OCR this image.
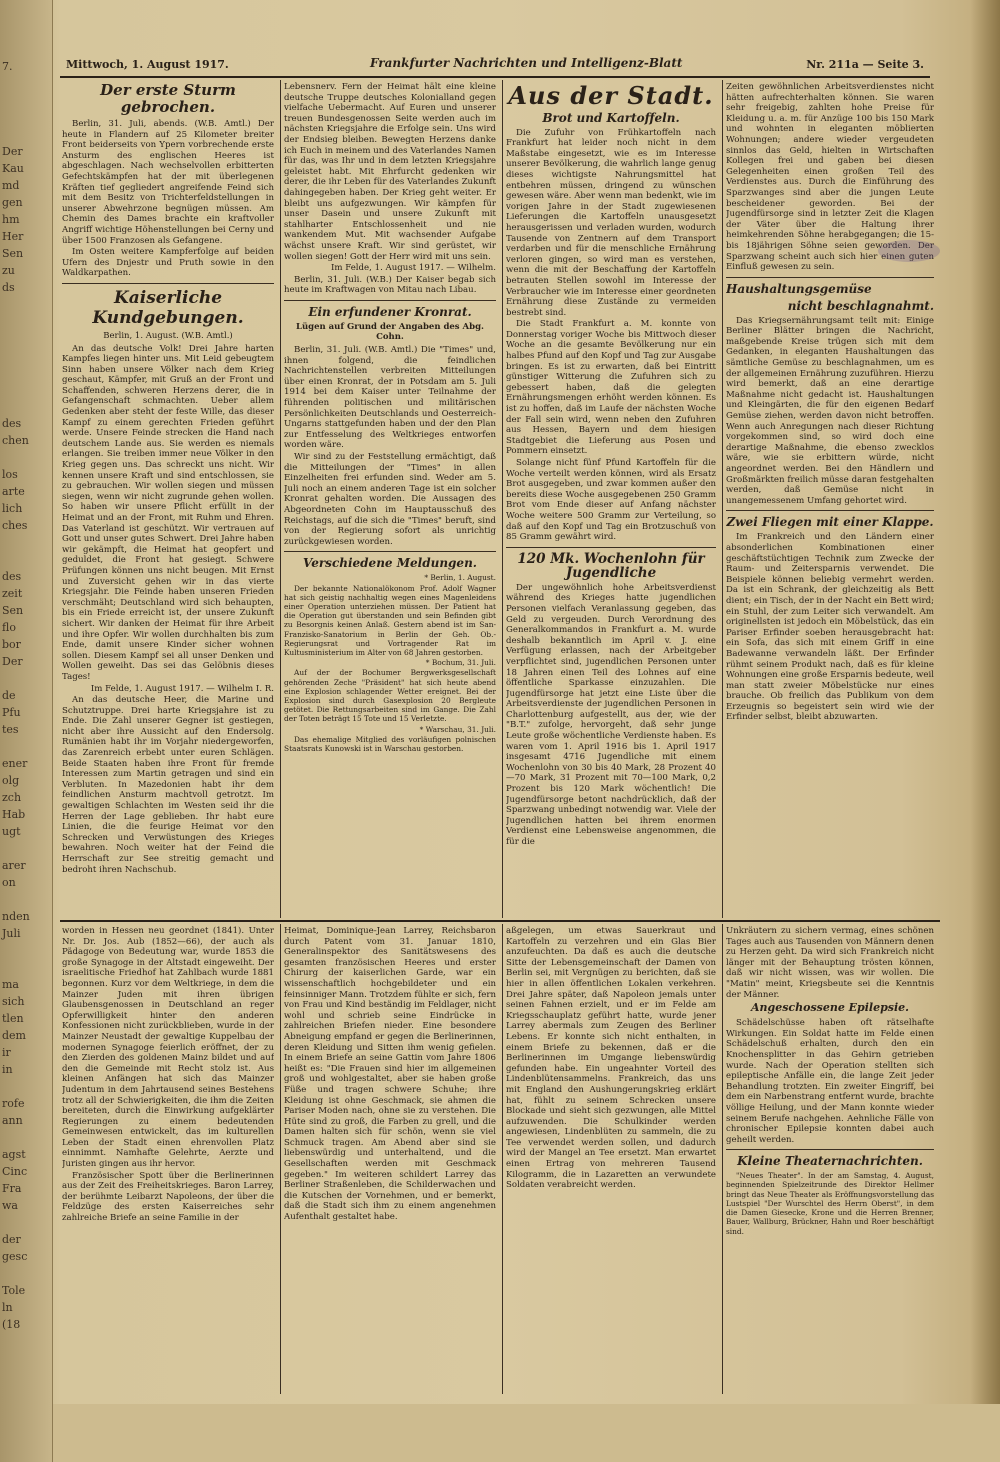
7.

Der
Kau
md
gen
hm
Her
Sen
zu
ds

des
chen

los
arte
lich
ches

des
zeit
Sen
flo
bor
Der

de
Pfu
tes

ener
olg
zch
Hab
ugt

arer
on

nden
Juli

ma
sich
tlen
dem
ir
in

rofe
ann

agst
Cinc
Fra
wa

der
gesc

Tole
ln
(18
Mittwoch, 1. August 1917.	Frankfurter Nachrichten und Intelligenz-Blatt	Nr. 211a — Seite 3.
Der erste Sturm gebrochen.

Berlin, 31. Juli, abends. (W.B. Amtl.) Der heute in Flandern auf 25 Kilometer breiter Front beiderseits von Ypern vorbrechende erste Ansturm des englischen Heeres ist abgeschlagen. Nach wechselvollen erbitterten Gefechtskämpfen hat der mit überlegenen Kräften tief gegliedert angreifende Feind sich mit dem Besitz von Trichterfeldstellungen in unserer Abwehrzone begnügen müssen. Am Chemin des Dames brachte ein kraftvoller Angriff wichtige Höhenstellungen bei Cerny und über 1500 Franzosen als Gefangene.

Im Osten weitere Kampferfolge auf beiden Ufern des Dnjestr und Pruth sowie in den Waldkarpathen.

Kaiserliche Kundgebungen.
Berlin, 1. August. (W.B. Amtl.)

An das deutsche Volk! Drei Jahre harten Kampfes liegen hinter uns. Mit Leid gebeugtem Sinn haben unsere Völker nach dem Krieg geschaut, Kämpfer, mit Gruß an der Front und Schaffenden, schweren Herzens derer, die in Gefangenschaft schmachten. Ueber allem Gedenken aber steht der feste Wille, das dieser Kampf zu einem gerechten Frieden geführt werde. Unsere Feinde strecken die Hand nach deutschem Lande aus. Sie werden es niemals erlangen. Sie treiben immer neue Völker in den Krieg gegen uns. Das schreckt uns nicht. Wir kennen unsere Kraft und sind entschlossen, sie zu gebrauchen. Wir wollen siegen und müssen siegen, wenn wir nicht zugrunde gehen wollen. So haben wir unsere Pflicht erfüllt in der Heimat und an der Front, mit Ruhm und Ehren. Das Vaterland ist geschützt. Wir vertrauen auf Gott und unser gutes Schwert. Drei Jahre haben wir gekämpft, die Heimat hat geopfert und geduldet, die Front hat gesiegt. Schwere Prüfungen können uns nicht beugen. Mit Ernst und Zuversicht gehen wir in das vierte Kriegsjahr. Die Feinde haben unseren Frieden verschmäht; Deutschland wird sich behaupten, bis ein Friede erreicht ist, der unsere Zukunft sichert. Wir danken der Heimat für ihre Arbeit und ihre Opfer. Wir wollen durchhalten bis zum Ende, damit unsere Kinder sicher wohnen sollen. Diesem Kampf sei all unser Denken und Wollen geweiht. Das sei das Gelöbnis dieses Tages!

Im Felde, 1. August 1917. — Wilhelm I. R.

An das deutsche Heer, die Marine und Schutztruppe. Drei harte Kriegsjahre ist zu Ende. Die Zahl unserer Gegner ist gestiegen, nicht aber ihre Aussicht auf den Endersolg. Rumänien habt ihr im Vorjahr niedergeworfen, das Zarenreich erbebt unter euren Schlägen. Beide Staaten haben ihre Front für fremde Interessen zum Martin getragen und sind ein Verbluten. In Mazedonien habt ihr dem feindlichen Ansturm machtvoll getrotzt. Im gewaltigen Schlachten im Westen seid ihr die Herren der Lage geblieben. Ihr habt eure Linien, die die feurige Heimat vor den Schrecken und Verwüstungen des Krieges bewahren. Noch weiter hat der Feind die Herrschaft zur See streitig gemacht und bedroht ihren Nachschub.

Lebensnerv. Fern der Heimat hält eine kleine deutsche Truppe deutsches Kolonialland gegen vielfache Uebermacht. Auf Euren und unserer treuen Bundesgenossen Seite werden auch im nächsten Kriegsjahre die Erfolge sein. Uns wird der Endsieg bleiben. Bewegten Herzens danke ich Euch in meinem und des Vaterlandes Namen für das, was Ihr und in dem letzten Kriegsjahre geleistet habt. Mit Ehrfurcht gedenken wir derer, die ihr Leben für des Vaterlandes Zukunft dahingegeben haben. Der Krieg geht weiter. Er bleibt uns aufgezwungen. Wir kämpfen für unser Dasein und unsere Zukunft mit stahlharter Entschlossenheit und nie wankendem Mut. Mit wachsender Aufgabe wächst unsere Kraft. Wir sind gerüstet, wir wollen siegen! Gott der Herr wird mit uns sein.

Im Felde, 1. August 1917. — Wilhelm.

Berlin, 31. Juli. (W.B.) Der Kaiser begab sich heute im Kraftwagen von Mitau nach Libau.

Ein erfundener Kronrat.
Lügen auf Grund der Angaben des Abg. Cohn.

Berlin, 31. Juli. (W.B. Amtl.) Die "Times" und, ihnen folgend, die feindlichen Nachrichtenstellen verbreiten Mitteilungen über einen Kronrat, der in Potsdam am 5. Juli 1914 bei dem Kaiser unter Teilnahme der führenden politischen und militärischen Persönlichkeiten Deutschlands und Oesterreich-Ungarns stattgefunden haben und der den Plan zur Entfesselung des Weltkrieges entworfen worden wäre.

Wir sind zu der Feststellung ermächtigt, daß die Mitteilungen der "Times" in allen Einzelheiten frei erfunden sind. Weder am 5. Juli noch an einem anderen Tage ist ein solcher Kronrat gehalten worden. Die Aussagen des Abgeordneten Cohn im Hauptausschuß des Reichstags, auf die sich die "Times" beruft, sind von der Regierung sofort als unrichtig zurückgewiesen worden.

Verschiedene Meldungen.
* Berlin, 1. August.

Der bekannte Nationalökonom Prof. Adolf Wagner hat sich geistig nachhaltig wegen eines Magenleidens einer Operation unterziehen müssen. Der Patient hat die Operation gut überstanden und sein Befinden gibt zu Besorgnis keinen Anlaß. Gestern abend ist im San-Franzisko-Sanatorium in Berlin der Geh. Ob.-Regierungsrat und Vortragender Rat im Kultusministerium im Alter von 68 Jahren gestorben.

* Bochum, 31. Juli.

Auf der der Bochumer Bergwerksgesellschaft gehörenden Zeche "Präsident" hat sich heute abend eine Explosion schlagender Wetter ereignet. Bei der Explosion sind durch Gasexplosion 20 Bergleute getötet. Die Rettungsarbeiten sind im Gange. Die Zahl der Toten beträgt 15 Tote und 15 Verletzte.

* Warschau, 31. Juli.

Das ehemalige Mitglied des vorläufigen polnischen Staatsrats Kunowski ist in Warschau gestorben.

Aus der Stadt.
Brot und Kartoffeln.

Die Zufuhr von Frühkartoffeln nach Frankfurt hat leider noch nicht in dem Maßstabe eingesetzt, wie es im Interesse unserer Bevölkerung, die wahrlich lange genug dieses wichtigste Nahrungsmittel hat entbehren müssen, dringend zu wünschen gewesen wäre. Aber wenn man bedenkt, wie im vorigen Jahre in der Stadt zugewiesenen Lieferungen die Kartoffeln unausgesetzt herausgerissen und verladen wurden, wodurch Tausende von Zentnern auf dem Transport verdarben und für die menschliche Ernährung verloren gingen, so wird man es verstehen, wenn die mit der Beschaffung der Kartoffeln betrauten Stellen sowohl im Interesse der Verbraucher wie im Interesse einer geordneten Ernährung diese Zustände zu vermeiden bestrebt sind.

Die Stadt Frankfurt a. M. konnte von Donnerstag voriger Woche bis Mittwoch dieser Woche an die gesamte Bevölkerung nur ein halbes Pfund auf den Kopf und Tag zur Ausgabe bringen. Es ist zu erwarten, daß bei Eintritt günstiger Witterung die Zufuhren sich zu gebessert haben, daß die gelegten Ernährungsmengen erhöht werden können. Es ist zu hoffen, daß im Laufe der nächsten Woche der Fall sein wird, wenn neben den Zufuhren aus Hessen, Bayern und dem hiesigen Stadtgebiet die Lieferung aus Posen und Pommern einsetzt.

Solange nicht fünf Pfund Kartoffeln für die Woche verteilt werden können, wird als Ersatz Brot ausgegeben, und zwar kommen außer den bereits diese Woche ausgegebenen 250 Gramm Brot vom Ende dieser auf Anfang nächster Woche weitere 500 Gramm zur Verteilung, so daß auf den Kopf und Tag ein Brotzuschuß von 85 Gramm gewährt wird.

120 Mk. Wochenlohn für Jugendliche

Der ungewöhnlich hohe Arbeitsverdienst während des Krieges hatte jugendlichen Personen vielfach Veranlassung gegeben, das Geld zu vergeuden. Durch Verordnung des Generalkommandos in Frankfurt a. M. wurde deshalb bekanntlich im April v. J. eine Verfügung erlassen, nach der Arbeitgeber verpflichtet sind, jugendlichen Personen unter 18 Jahren einen Teil des Lohnes auf eine öffentliche Sparkasse einzuzahlen. Die Jugendfürsorge hat jetzt eine Liste über die Arbeitsverdienste der jugendlichen Personen in Charlottenburg aufgestellt, aus der, wie der "B.T." zufolge, hervorgeht, daß sehr junge Leute große wöchentliche Verdienste haben. Es waren vom 1. April 1916 bis 1. April 1917 insgesamt 4716 Jugendliche mit einem Wochenlohn von 30 bis 40 Mark, 28 Prozent 40—70 Mark, 31 Prozent mit 70—100 Mark, 0,2 Prozent bis 120 Mark wöchentlich! Die Jugendfürsorge betont nachdrücklich, daß der Sparzwang unbedingt notwendig war. Viele der Jugendlichen hatten bei ihrem enormen Verdienst eine Lebensweise angenommen, die für die

Zeiten gewöhnlichen Arbeitsverdienstes nicht hätten aufrechterhalten können. Sie waren sehr freigebig, zahlten hohe Preise für Kleidung u. a. m. für Anzüge 100 bis 150 Mark und wohnten in eleganten möblierten Wohnungen; andere wieder vergeudeten sinnlos das Geld, hielten in Wirtschaften Kollegen frei und gaben bei diesen Gelegenheiten einen großen Teil des Verdienstes aus. Durch die Einführung des Sparzwanges sind aber die jungen Leute bescheidener geworden. Bei der Jugendfürsorge sind in letzter Zeit die Klagen der Väter über die Haltung ihrer heimkehrenden Söhne herabgegangen; die 15- bis 18jährigen Söhne seien geworden. Der Sparzwang scheint auch sich hier einen guten Einfluß gewesen zu sein.

Haushaltungsgemüse
nicht beschlagnahmt.

Das Kriegsernährungsamt teilt mit: Einige Berliner Blätter bringen die Nachricht, maßgebende Kreise trügen sich mit dem Gedanken, in eleganten Haushaltungen das sämtliche Gemüse zu beschlagnahmen, um es der allgemeinen Ernährung zuzuführen. Hierzu wird bemerkt, daß an eine derartige Maßnahme nicht gedacht ist. Haushaltungen und Kleingärten, die für den eigenen Bedarf Gemüse ziehen, werden davon nicht betroffen. Wenn auch Anregungen nach dieser Richtung vorgekommen sind, so wird doch eine derartige Maßnahme, die ebenso zwecklos wäre, wie sie erbittern würde, nicht angeordnet werden. Bei den Händlern und Großmärkten freilich müsse daran festgehalten werden, daß Gemüse nicht in unangemessenem Umfang gehortet wird.

Zwei Fliegen mit einer Klappe.

Im Frankreich und den Ländern einer absonderlichen Kombinationen einer geschäftstüchtigen Technik zum Zwecke der Raum- und Zeitersparnis verwendet. Die Beispiele können beliebig vermehrt werden. Da ist ein Schrank, der gleichzeitig als Bett dient; ein Tisch, der in der Nacht ein Bett wird; ein Stuhl, der zum Leiter sich verwandelt. Am originellsten ist jedoch ein Möbelstück, das ein Pariser Erfinder soeben herausgebracht hat: ein Sofa, das sich mit einem Griff in eine Badewanne verwandeln läßt. Der Erfinder rühmt seinem Produkt nach, daß es für kleine Wohnungen eine große Ersparnis bedeute, weil man statt zweier Möbelstücke nur eines brauche. Ob freilich das Publikum von dem Erzeugnis so begeistert sein wird wie der Erfinder selbst, bleibt abzuwarten.

worden in Hessen neu geordnet (1841). Unter Nr. Dr. Jos. Aub (1852—66), der auch als Pädagoge von Bedeutung war, wurde 1853 die große Synagoge in der Altstadt eingeweiht. Der israelitische Friedhof hat Zahlbach wurde 1881 begonnen. Kurz vor dem Weltkriege, in dem die Mainzer Juden mit ihren übrigen Glaubensgenossen in Deutschland an reger Opferwilligkeit hinter den anderen Konfessionen nicht zurückblieben, wurde in der Mainzer Neustadt der gewaltige Kuppelbau der modernen Synagoge feierlich eröffnet, der zu den Zierden des goldenen Mainz bildet und auf den die Gemeinde mit Recht stolz ist. Aus kleinen Anfängen hat sich das Mainzer Judentum in dem Jahrtausend seines Bestehens trotz all der Schwierigkeiten, die ihm die Zeiten bereiteten, durch die Einwirkung aufgeklärter Regierungen zu einem bedeutenden Gemeinwesen entwickelt, das im kulturellen Leben der Stadt einen ehrenvollen Platz einnimmt. Namhafte Gelehrte, Aerzte und Juristen gingen aus ihr hervor.

Französischer Spott über die Berlinerinnen aus der Zeit des Freiheitskrieges. Baron Larrey, der berühmte Leibarzt Napoleons, der über die Feldzüge des ersten Kaiserreiches sehr zahlreiche Briefe an seine Familie in der

Heimat, Dominique-Jean Larrey, Reichsbaron durch Patent vom 31. Januar 1810, Generalinspektor des Sanitätswesens des gesamten französischen Heeres und erster Chirurg der kaiserlichen Garde, war ein wissenschaftlich hochgebildeter und ein feinsinniger Mann. Trotzdem fühlte er sich, fern von Frau und Kind beständig im Feldlager, nicht wohl und schrieb seine Eindrücke in zahlreichen Briefen nieder. Eine besondere Abneigung empfand er gegen die Berlinerinnen, deren Kleidung und Sitten ihm wenig gefielen. In einem Briefe an seine Gattin vom Jahre 1806 heißt es: "Die Frauen sind hier im allgemeinen groß und wohlgestaltet, aber sie haben große Füße und tragen schwere Schuhe; ihre Kleidung ist ohne Geschmack, sie ahmen die Pariser Moden nach, ohne sie zu verstehen. Die Hüte sind zu groß, die Farben zu grell, und die Damen halten sich für schön, wenn sie viel Schmuck tragen. Am Abend aber sind sie liebenswürdig und unterhaltend, und die Gesellschaften werden mit Geschmack gegeben." Im weiteren schildert Larrey das Berliner Straßenleben, die Schilderwachen und die Kutschen der Vornehmen, und er bemerkt, daß die Stadt sich ihm zu einem angenehmen Aufenthalt gestaltet habe.

aßgelegen, um etwas Sauerkraut und Kartoffeln zu verzehren und ein Glas Bier anzufeuchten. Da daß es auch die deutsche Sitte der Lebensgemeinschaft der Damen von Berlin sei, mit Vergnügen zu berichten, daß sie hier in allen öffentlichen Lokalen verkehren. Drei Jahre später, daß Napoleon jemals unter seinen Fahnen erzielt, und er im Felde am Kriegsschauplatz geführt hatte, wurde jener Larrey abermals zum Zeugen des Berliner Lebens. Er konnte sich nicht enthalten, in einem Briefe zu bekennen, daß er die Berlinerinnen im Umgange liebenswürdig gefunden habe. Ein ungeahnter Vorteil des Lindenblütensammelns. Frankreich, das uns mit England den Aushungerungskrieg erklärt hat, fühlt zu seinem Schrecken unsere Blockade und sieht sich gezwungen, alle Mittel aufzuwenden. Die Schulkinder werden angewiesen, Lindenblüten zu sammeln, die zu Tee verwendet werden sollen, und dadurch wird der Mangel an Tee ersetzt. Man erwartet einen Ertrag von mehreren Tausend Kilogramm, die in Lazaretten an verwundete Soldaten verabreicht werden.

Unkräutern zu sichern vermag, eines schönen Tages auch aus Tausenden von Männern denen zu Herzen geht. Da wird sich Frankreich nicht länger mit der Behauptung trösten können, daß wir nicht wissen, was wir wollen. Die "Matin" meint, Kriegsbeute sei die Kenntnis der Männer.

Angeschossene Epilepsie.

Schädelschüsse haben oft rätselhafte Wirkungen. Ein Soldat hatte im Felde einen Schädelschuß erhalten, durch den ein Knochensplitter in das Gehirn getrieben wurde. Nach der Operation stellten sich epileptische Anfälle ein, die lange Zeit jeder Behandlung trotzten. Ein zweiter Eingriff, bei dem ein Narbenstrang entfernt wurde, brachte völlige Heilung, und der Mann konnte wieder seinem Berufe nachgehen. Aehnliche Fälle von chronischer Epilepsie konnten dabei auch geheilt werden.

Kleine Theaternachrichten.

"Neues Theater". In der am Samstag, 4. August, beginnenden Spielzeitrunde des Direktor Hellmer bringt das Neue Theater als Eröffnungsvorstellung das Lustspiel "Der Wurschtel des Herrn Oberst", in dem die Damen Giesecke, Krone und die Herren Brenner, Bauer, Wallburg, Brückner, Hahn und Roer beschäftigt sind.
